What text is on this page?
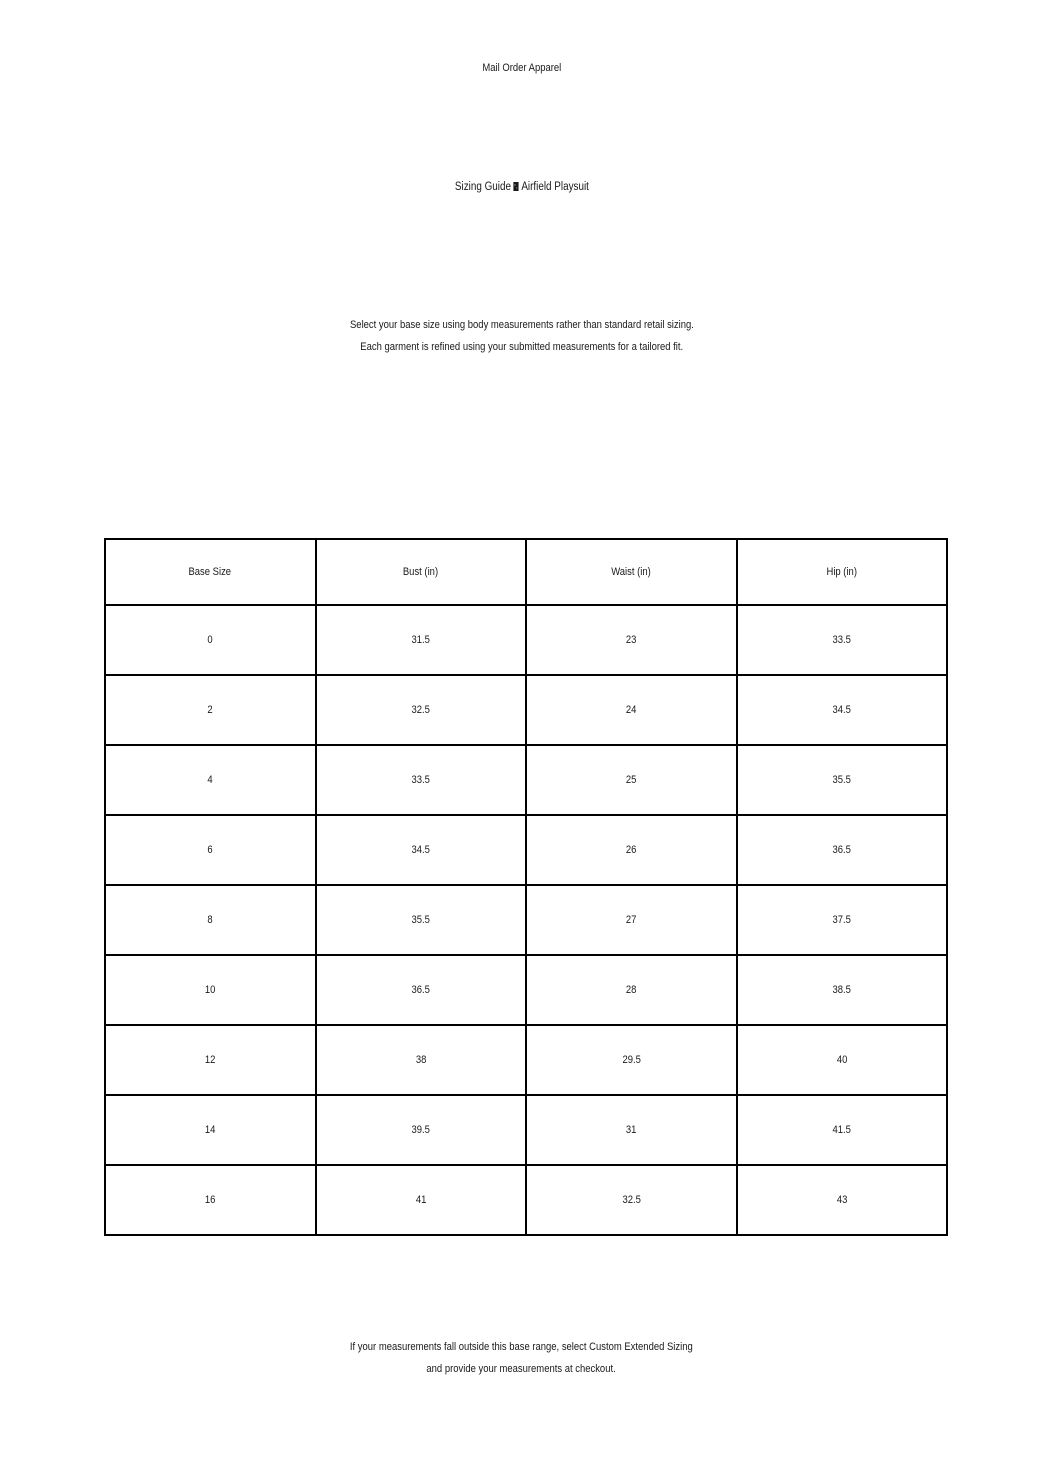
Mail Order Apparel
Sizing Guide Airfield Playsuit
Select your base size using body measurements rather than standard retail sizing.
Each garment is refined using your submitted measurements for a tailored fit.
Base Size	Bust (in)	Waist (in)	Hip (in)
0	31.5	23	33.5
2	32.5	24	34.5
4	33.5	25	35.5
6	34.5	26	36.5
8	35.5	27	37.5
10	36.5	28	38.5
12	38	29.5	40
14	39.5	31	41.5
16	41	32.5	43
If your measurements fall outside this base range, select Custom Extended Sizing
and provide your measurements at checkout.
